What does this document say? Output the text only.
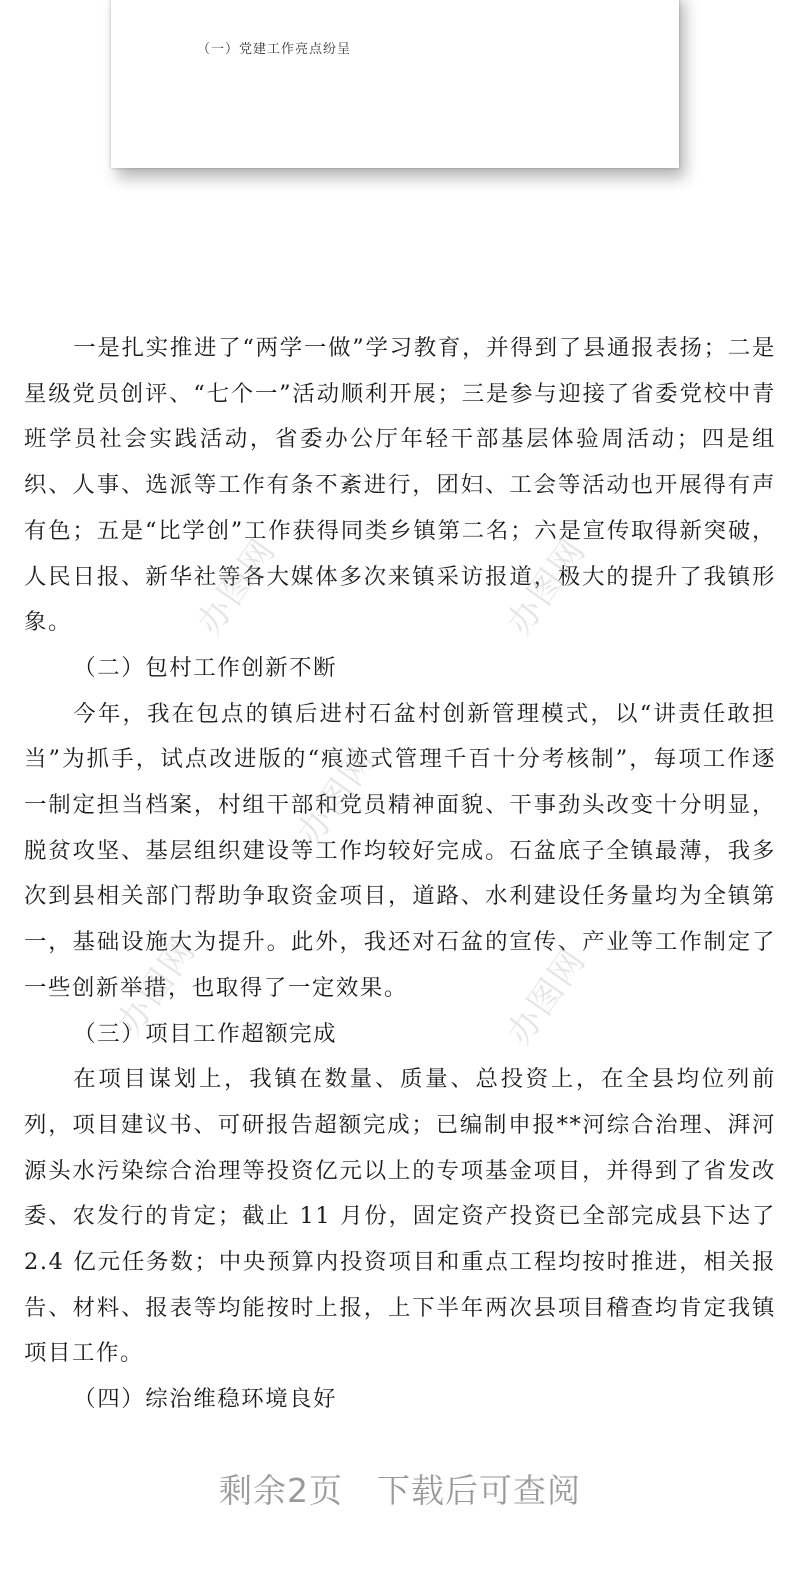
（一）党建工作亮点纷呈

一是扎实推进了“两学一做”学习教育，并得到了县通报表扬；二是星级党员创评、“七个一”活动顺利开展；三是参与迎接了省委党校中青班学员社会实践活动，省委办公厅年轻干部基层体验周活动；四是组织、人事、选派等工作有条不紊进行，团妇、工会等活动也开展得有声有色；五是“比学创”工作获得同类乡镇第二名；六是宣传取得新突破，人民日报、新华社等各大媒体多次来镇采访报道，极大的提升了我镇形象。

（二）包村工作创新不断

今年，我在包点的镇后进村石盆村创新管理模式，以“讲责任敢担当”为抓手，试点改进版的“痕迹式管理千百十分考核制”，每项工作逐一制定担当档案，村组干部和党员精神面貌、干事劲头改变十分明显，脱贫攻坚、基层组织建设等工作均较好完成。石盆底子全镇最薄，我多次到县相关部门帮助争取资金项目，道路、水利建设任务量均为全镇第一，基础设施大为提升。此外，我还对石盆的宣传、产业等工作制定了一些创新举措，也取得了一定效果。

（三）项目工作超额完成

在项目谋划上，我镇在数量、质量、总投资上，在全县均位列前列，项目建议书、可研报告超额完成；已编制申报**河综合治理、湃河源头水污染综合治理等投资亿元以上的专项基金项目，并得到了省发改委、农发行的肯定；截止 11 月份，固定资产投资已全部完成县下达了 2.4 亿元任务数；中央预算内投资项目和重点工程均按时推进，相关报告、材料、报表等均能按时上报，上下半年两次县项目稽查均肯定我镇项目工作。

（四）综治维稳环境良好

办图网	办图网
办图网
办图网	办图网
剩余2页 下载后可查阅
